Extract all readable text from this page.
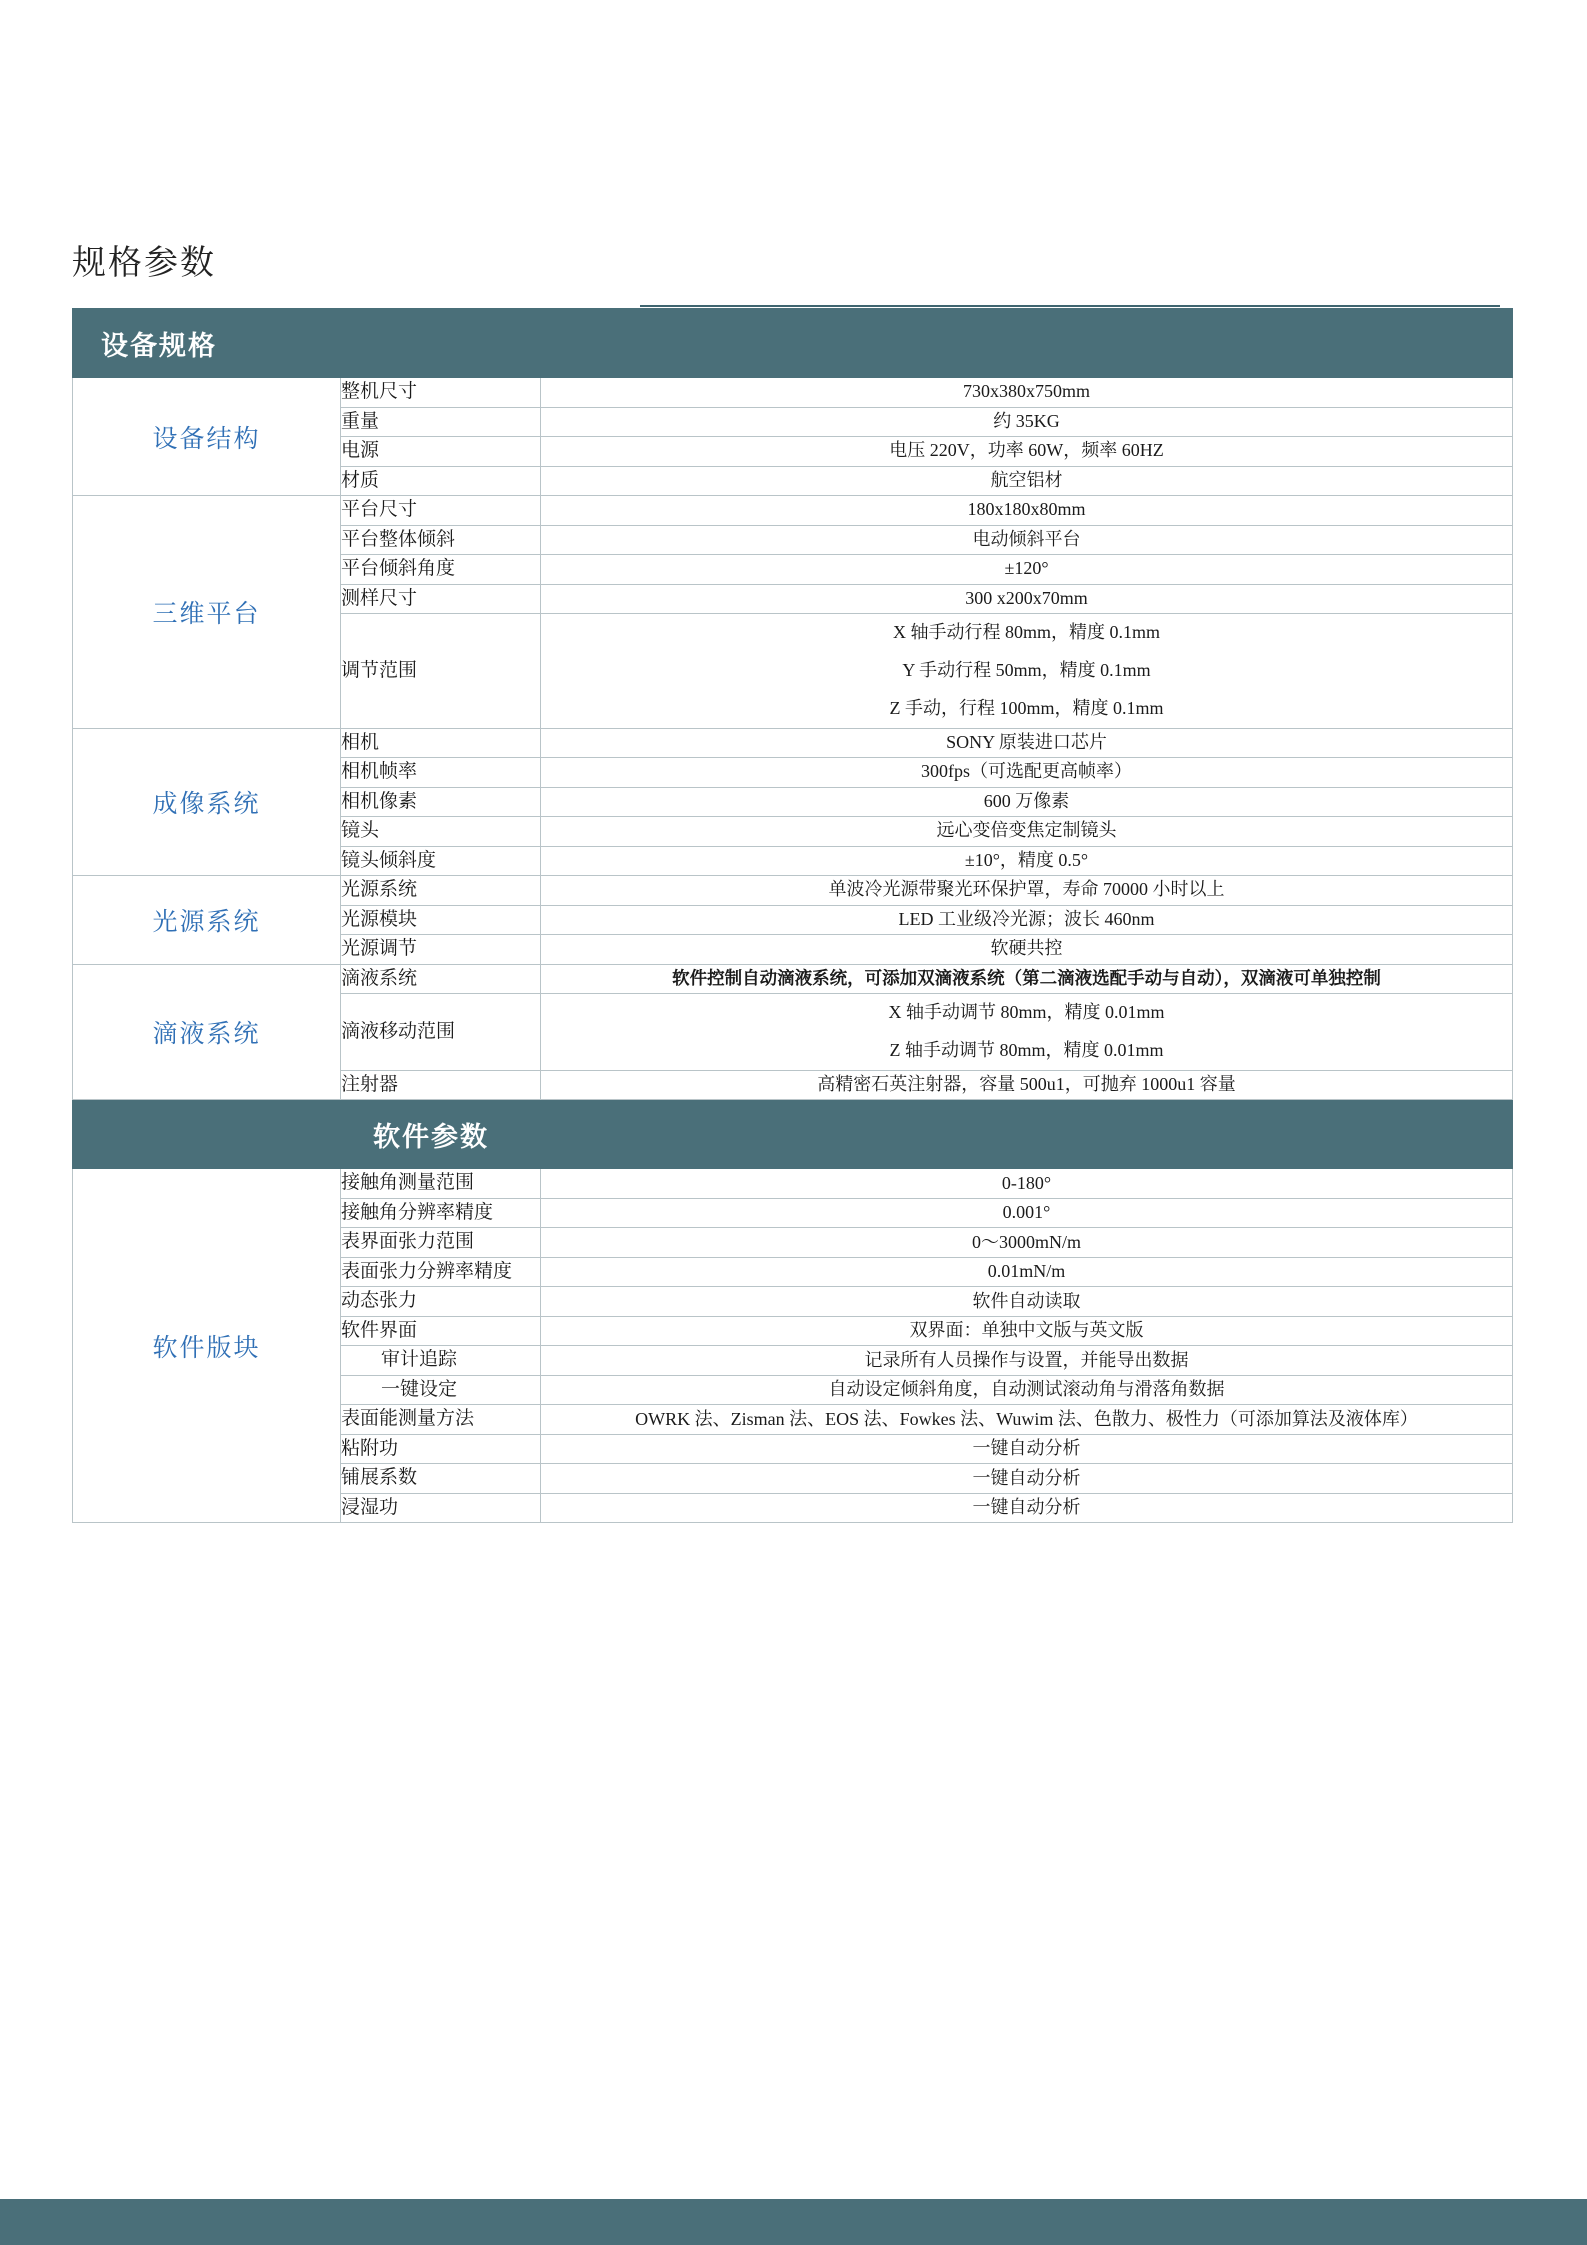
规格参数
设备规格		
设备结构	整机尺寸	730x380x750mm
	重量	约 35KG
	电源	电压 220V，功率 60W，频率 60HZ
	材质	航空铝材
三维平台	平台尺寸	180x180x80mm
	平台整体倾斜	电动倾斜平台
	平台倾斜角度	±120°
	测样尺寸	300 x200x70mm
	调节范围	X 轴手动行程 80mm，精度 0.1mm
Y 手动行程 50mm，精度 0.1mm
Z 手动，行程 100mm，精度 0.1mm

成像系统	相机	SONY 原装进口芯片
	相机帧率	300fps（可选配更高帧率）
	相机像素	600 万像素
	镜头	远心变倍变焦定制镜头
	镜头倾斜度	±10°，精度 0.5°
光源系统	光源系统	单波冷光源带聚光环保护罩，寿命 70000 小时以上
	光源模块	LED 工业级冷光源；波长 460nm
	光源调节	软硬共控
滴液系统	滴液系统	软件控制自动滴液系统，可添加双滴液系统（第二滴液选配手动与自动），双滴液可单独控制
	滴液移动范围	X 轴手动调节 80mm，精度 0.01mm
Z 轴手动调节 80mm，精度 0.01mm

	注射器	高精密石英注射器，容量 500u1，可抛弃 1000u1 容量
软件参数		
软件版块	接触角测量范围	0-180°
	接触角分辨率精度	0.001°
	表界面张力范围	0～3000mN/m
	表面张力分辨率精度	0.01mN/m
	动态张力	软件自动读取
	软件界面	双界面：单独中文版与英文版
	审计追踪	记录所有人员操作与设置，并能导出数据
	一键设定	自动设定倾斜角度，自动测试滚动角与滑落角数据
	表面能测量方法	OWRK 法、Zisman 法、EOS 法、Fowkes 法、Wuwim 法、色散力、极性力（可添加算法及液体库）
	粘附功	一键自动分析
	铺展系数	一键自动分析
	浸湿功	一键自动分析
